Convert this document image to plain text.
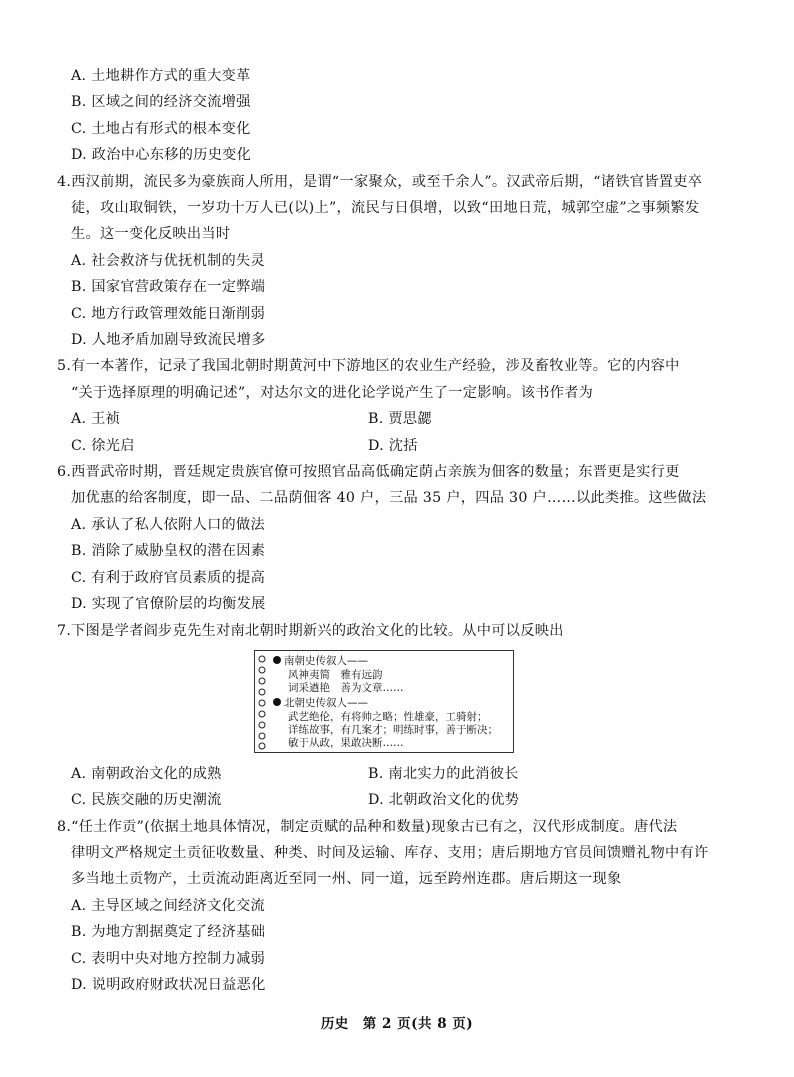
A. 土地耕作方式的重大变革
B. 区域之间的经济交流增强
C. 土地占有形式的根本变化
D. 政治中心东移的历史变化
4.西汉前期，流民多为豪族商人所用，是谓“一家聚众，或至千余人”。汉武帝后期，“诸铁官皆置吏卒
徒，攻山取铜铁，一岁功十万人已(以)上”，流民与日俱增，以致“田地日荒，城郭空虚”之事频繁发
生。这一变化反映出当时
A. 社会救济与优抚机制的失灵
B. 国家官营政策存在一定弊端
C. 地方行政管理效能日渐削弱
D. 人地矛盾加剧导致流民增多
5.有一本著作，记录了我国北朝时期黄河中下游地区的农业生产经验，涉及畜牧业等。它的内容中
“关于选择原理的明确记述”，对达尔文的进化论学说产生了一定影响。该书作者为
A. 王祯	B. 贾思勰
C. 徐光启	D. 沈括
6.西晋武帝时期，晋廷规定贵族官僚可按照官品高低确定荫占亲族为佃客的数量；东晋更是实行更
加优惠的给客制度，即一品、二品荫佃客 40 户，三品 35 户，四品 30 户……以此类推。这些做法
A. 承认了私人依附人口的做法
B. 消除了威胁皇权的潜在因素
C. 有利于政府官员素质的提高
D. 实现了官僚阶层的均衡发展
7.下图是学者阎步克先生对南北朝时期新兴的政治文化的比较。从中可以反映出
南朝史传叙人——
风神夷简　雅有远韵
词采遒艳　善为文章……
北朝史传叙人——
武艺绝伦，有将帅之略；性雄豪，工骑射；
详练故事，有几案才；明练时事，善于断决；
敏于从政，果敢决断……
A. 南朝政治文化的成熟	B. 南北实力的此消彼长
C. 民族交融的历史潮流	D. 北朝政治文化的优势
8.“任土作贡”(依据土地具体情况，制定贡赋的品种和数量)现象古已有之，汉代形成制度。唐代法
律明文严格规定土贡征收数量、种类、时间及运输、库存、支用；唐后期地方官员间馈赠礼物中有许
多当地土贡物产，土贡流动距离近至同一州、同一道，远至跨州连郡。唐后期这一现象
A. 主导区域之间经济文化交流
B. 为地方割据奠定了经济基础
C. 表明中央对地方控制力减弱
D. 说明政府财政状况日益恶化
历史　第 2 页(共 8 页)
